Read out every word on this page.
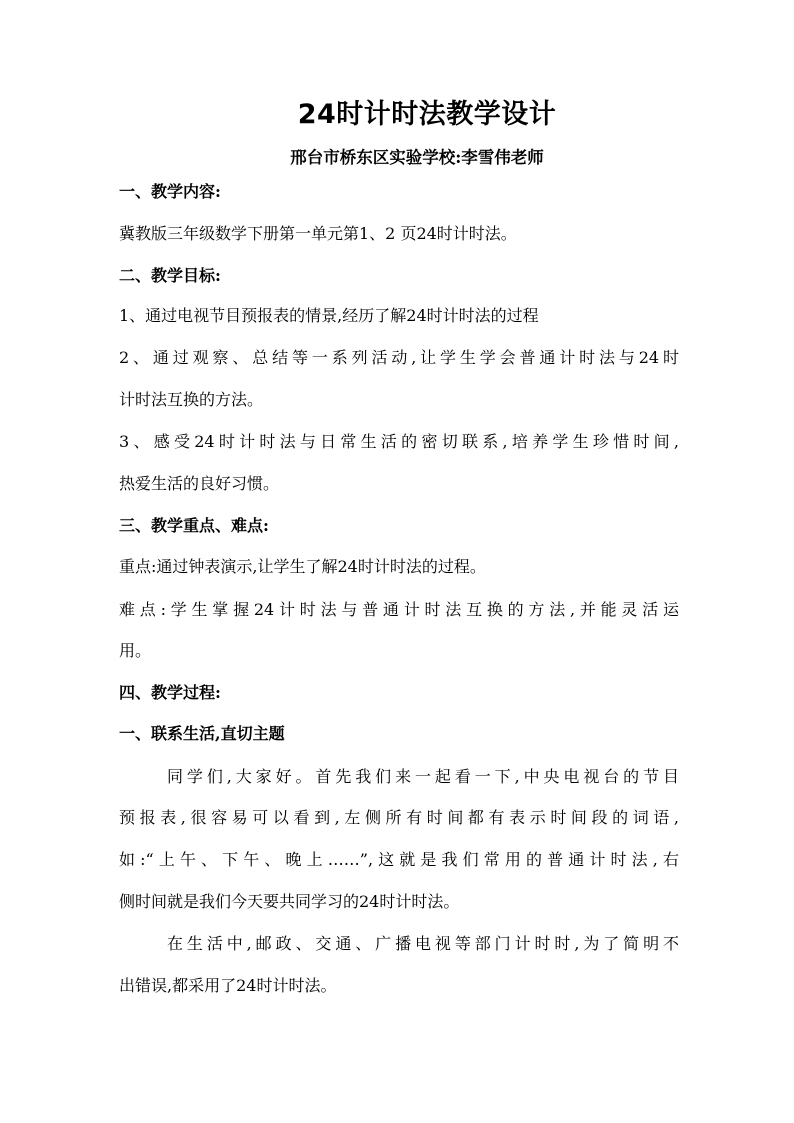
24时计时法教学设计
邢台市桥东区实验学校:李雪伟老师
一、教学内容:
冀教版三年级数学下册第一单元第1、2 页24时计时法。
二、教学目标:
1、通过电视节目预报表的情景,经历了解24时计时法的过程
2、通过观察、总结等一系列活动,让学生学会普通计时法与24时
计时法互换的方法。
3、感受24时计时法与日常生活的密切联系,培养学生珍惜时间,
热爱生活的良好习惯。
三、教学重点、难点:
重点:通过钟表演示,让学生了解24时计时法的过程。
难点:学生掌握24计时法与普通计时法互换的方法,并能灵活运
用。
四、教学过程:
一、联系生活,直切主题
同学们,大家好。首先我们来一起看一下,中央电视台的节目
预报表,很容易可以看到,左侧所有时间都有表示时间段的词语,
如:“上午、下午、晚上……”,这就是我们常用的普通计时法,右
侧时间就是我们今天要共同学习的24时计时法。
在生活中,邮政、交通、广播电视等部门计时时,为了简明不
出错误,都采用了24时计时法。
